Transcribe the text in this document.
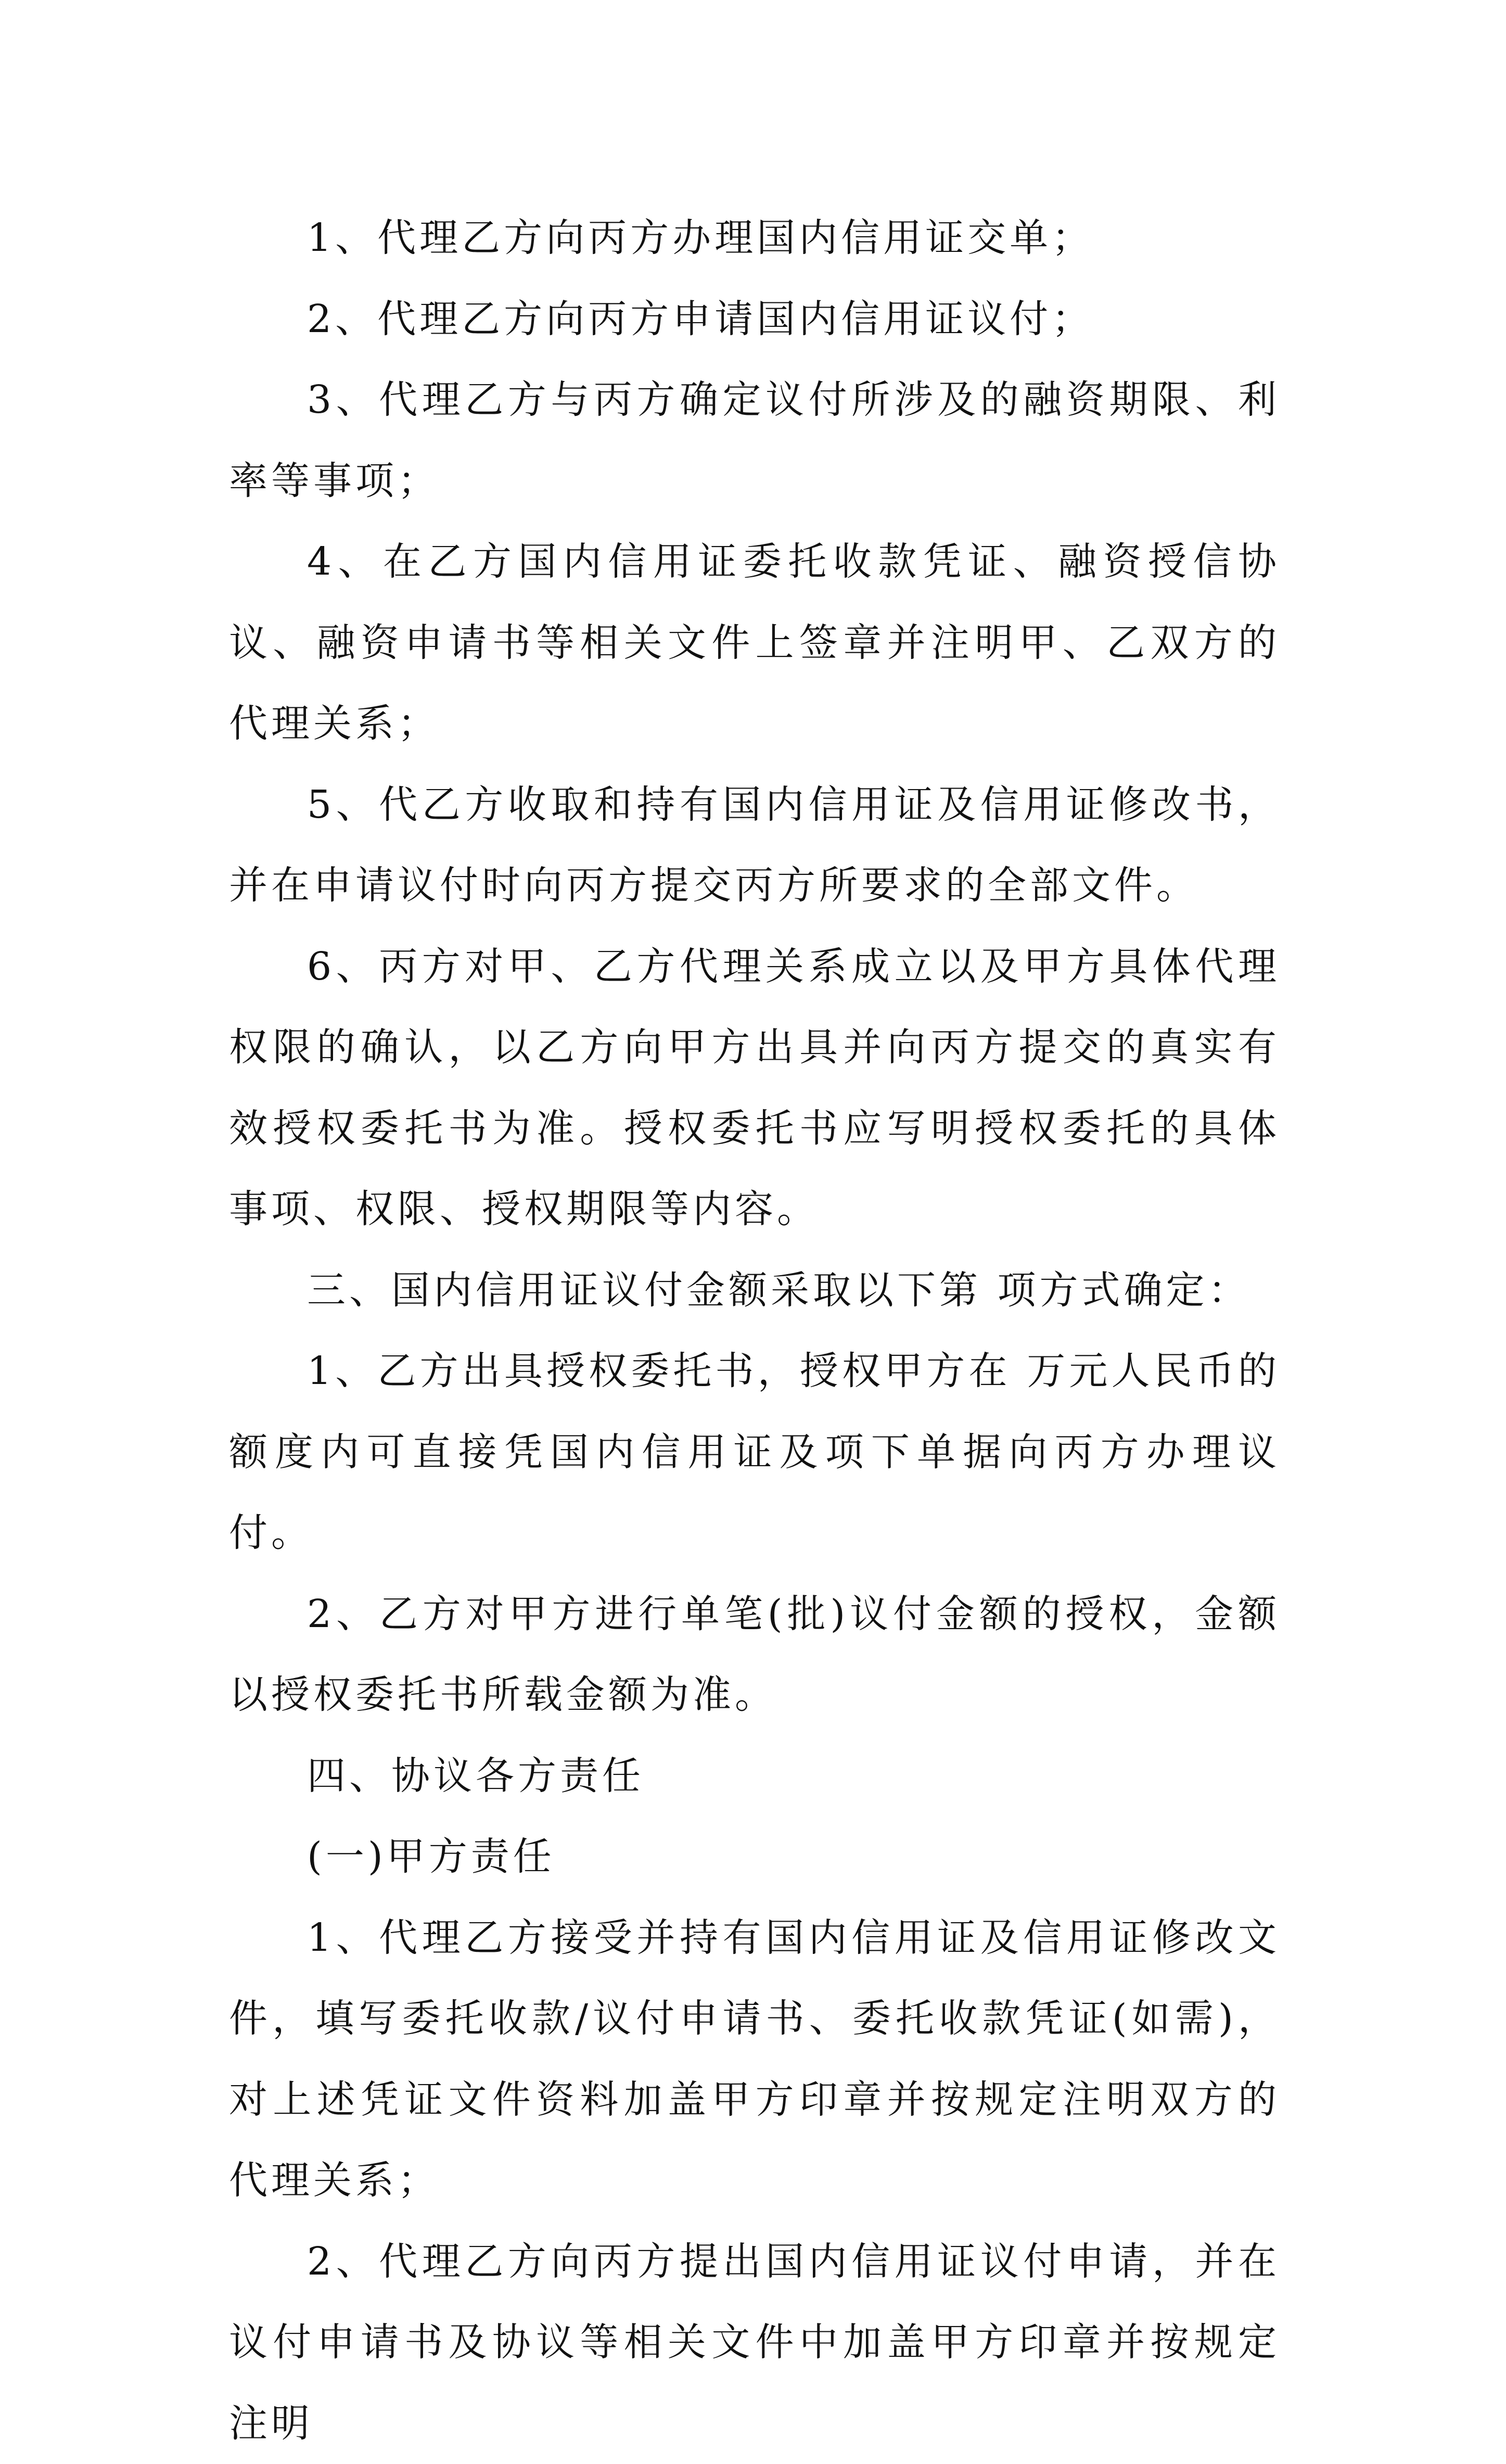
1、代理乙方向丙方办理国内信用证交单；

2、代理乙方向丙方申请国内信用证议付；

3、代理乙方与丙方确定议付所涉及的融资期限、利率等事项；

4、在乙方国内信用证委托收款凭证、融资授信协议、融资申请书等相关文件上签章并注明甲、乙双方的代理关系；

5、代乙方收取和持有国内信用证及信用证修改书，并在申请议付时向丙方提交丙方所要求的全部文件。

6、丙方对甲、乙方代理关系成立以及甲方具体代理权限的确认，以乙方向甲方出具并向丙方提交的真实有效授权委托书为准。授权委托书应写明授权委托的具体事项、权限、授权期限等内容。

三、国内信用证议付金额采取以下第 项方式确定：

1、乙方出具授权委托书，授权甲方在 万元人民币的额度内可直接凭国内信用证及项下单据向丙方办理议付。

2、乙方对甲方进行单笔(批)议付金额的授权，金额以授权委托书所载金额为准。

四、协议各方责任

(一)甲方责任

1、代理乙方接受并持有国内信用证及信用证修改文件，填写委托收款/议付申请书、委托收款凭证(如需)，对上述凭证文件资料加盖甲方印章并按规定注明双方的代理关系；

2、代理乙方向丙方提出国内信用证议付申请，并在议付申请书及协议等相关文件中加盖甲方印章并按规定注明
